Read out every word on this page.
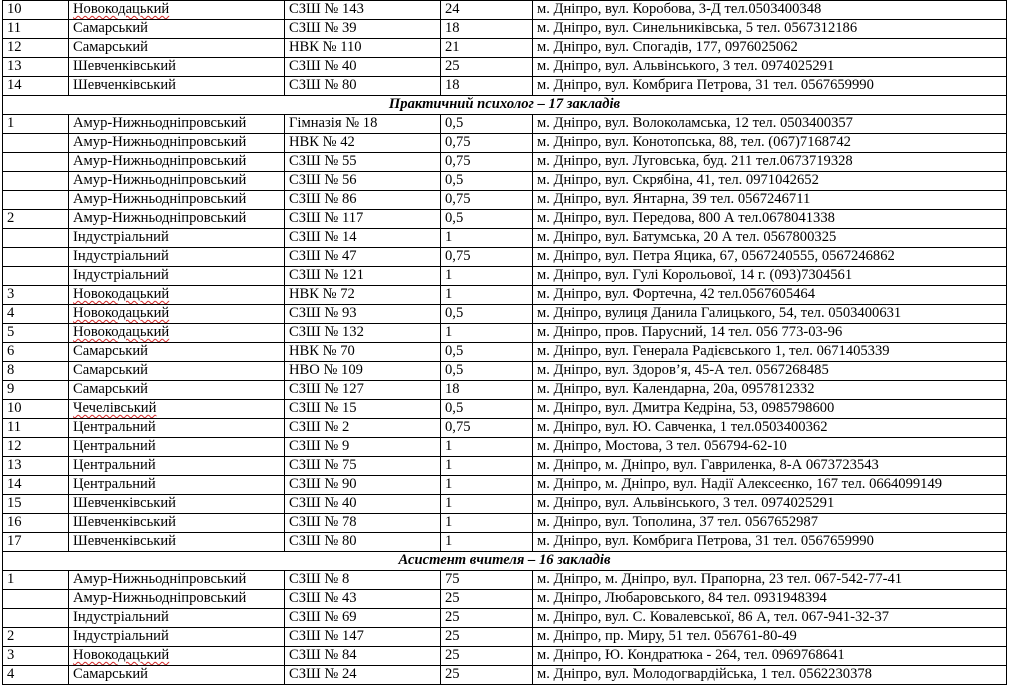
10	Новокодацький	СЗШ № 143	24	м. Дніпро, вул. Коробова, 3-Д тел.0503400348
11	Самарський	СЗШ № 39	18	м. Дніпро, вул. Синельниківська, 5 тел. 0567312186
12	Самарський	НВК № 110	21	м. Дніпро, вул. Спогадів, 177, 0976025062
13	Шевченківський	СЗШ № 40	25	м. Дніпро, вул. Альвінського, 3 тел. 0974025291
14	Шевченківський	СЗШ № 80	18	м. Дніпро, вул. Комбрига Петрова, 31 тел. 0567659990
Практичний психолог – 17 закладів				
1	Амур-Нижньодніпровський	Гімназія № 18	0,5	м. Дніпро, вул. Волоколамська, 12 тел. 0503400357
	Амур-Нижньодніпровський	НВК № 42	0,75	м. Дніпро, вул. Конотопська, 88, тел. (067)7168742
	Амур-Нижньодніпровський	СЗШ № 55	0,75	м. Дніпро, вул. Луговська, буд. 211 тел.0673719328
	Амур-Нижньодніпровський	СЗШ № 56	0,5	м. Дніпро, вул. Скрябіна, 41, тел. 0971042652
	Амур-Нижньодніпровський	СЗШ № 86	0,75	м. Дніпро, вул. Янтарна, 39 тел. 0567246711
2	Амур-Нижньодніпровський	СЗШ № 117	0,5	м. Дніпро, вул. Передова, 800 А тел.0678041338
	Індустріальний	СЗШ № 14	1	м. Дніпро, вул. Батумська, 20 А тел. 0567800325
	Індустріальний	СЗШ № 47	0,75	м. Дніпро, вул. Петра Яцика, 67, 0567240555, 0567246862
	Індустріальний	СЗШ № 121	1	м. Дніпро, вул. Гулі Корольової, 14 г. (093)7304561
3	Новокодацький	НВК № 72	1	м. Дніпро, вул. Фортечна, 42 тел.0567605464
4	Новокодацький	СЗШ № 93	0,5	м. Дніпро, вулиця Данила Галицького, 54, тел. 0503400631
5	Новокодацький	СЗШ № 132	1	м. Дніпро, пров. Парусний, 14 тел. 056 773-03-96
6	Самарський	НВК № 70	0,5	м. Дніпро, вул. Генерала Радієвського 1, тел. 0671405339
8	Самарський	НВО № 109	0,5	м. Дніпро, вул. Здоров’я, 45-А тел. 0567268485
9	Самарський	СЗШ № 127	18	м. Дніпро, вул. Календарна, 20а, 0957812332
10	Чечелівський	СЗШ № 15	0,5	м. Дніпро, вул. Дмитра Кедріна, 53, 0985798600
11	Центральний	СЗШ № 2	0,75	м. Дніпро, вул. Ю. Савченка, 1 тел.0503400362
12	Центральний	СЗШ № 9	1	м. Дніпро, Мостова, 3 тел. 056794-62-10
13	Центральний	СЗШ № 75	1	м. Дніпро, м. Дніпро, вул. Гавриленка, 8-А 0673723543
14	Центральний	СЗШ № 90	1	м. Дніпро, м. Дніпро, вул. Надії Алексеєнко, 167 тел. 0664099149
15	Шевченківський	СЗШ № 40	1	м. Дніпро, вул. Альвінського, 3 тел. 0974025291
16	Шевченківський	СЗШ № 78	1	м. Дніпро, вул. Тополина, 37 тел. 0567652987
17	Шевченківський	СЗШ № 80	1	м. Дніпро, вул. Комбрига Петрова, 31 тел. 0567659990
Асистент вчителя – 16 закладів				
1	Амур-Нижньодніпровський	СЗШ № 8	75	м. Дніпро, м. Дніпро, вул. Прапорна, 23 тел. 067-542-77-41
	Амур-Нижньодніпровський	СЗШ № 43	25	м. Дніпро, Любаровського, 84 тел. 0931948394
	Індустріальний	СЗШ № 69	25	м. Дніпро, вул. С. Ковалевської, 86 А, тел. 067-941-32-37
2	Індустріальний	СЗШ № 147	25	м. Дніпро, пр. Миру, 51 тел. 056761-80-49
3	Новокодацький	СЗШ № 84	25	м. Дніпро, Ю. Кондратюка - 264, тел. 0969768641
4	Самарський	СЗШ № 24	25	м. Дніпро, вул. Молодогвардійська, 1 тел. 0562230378
